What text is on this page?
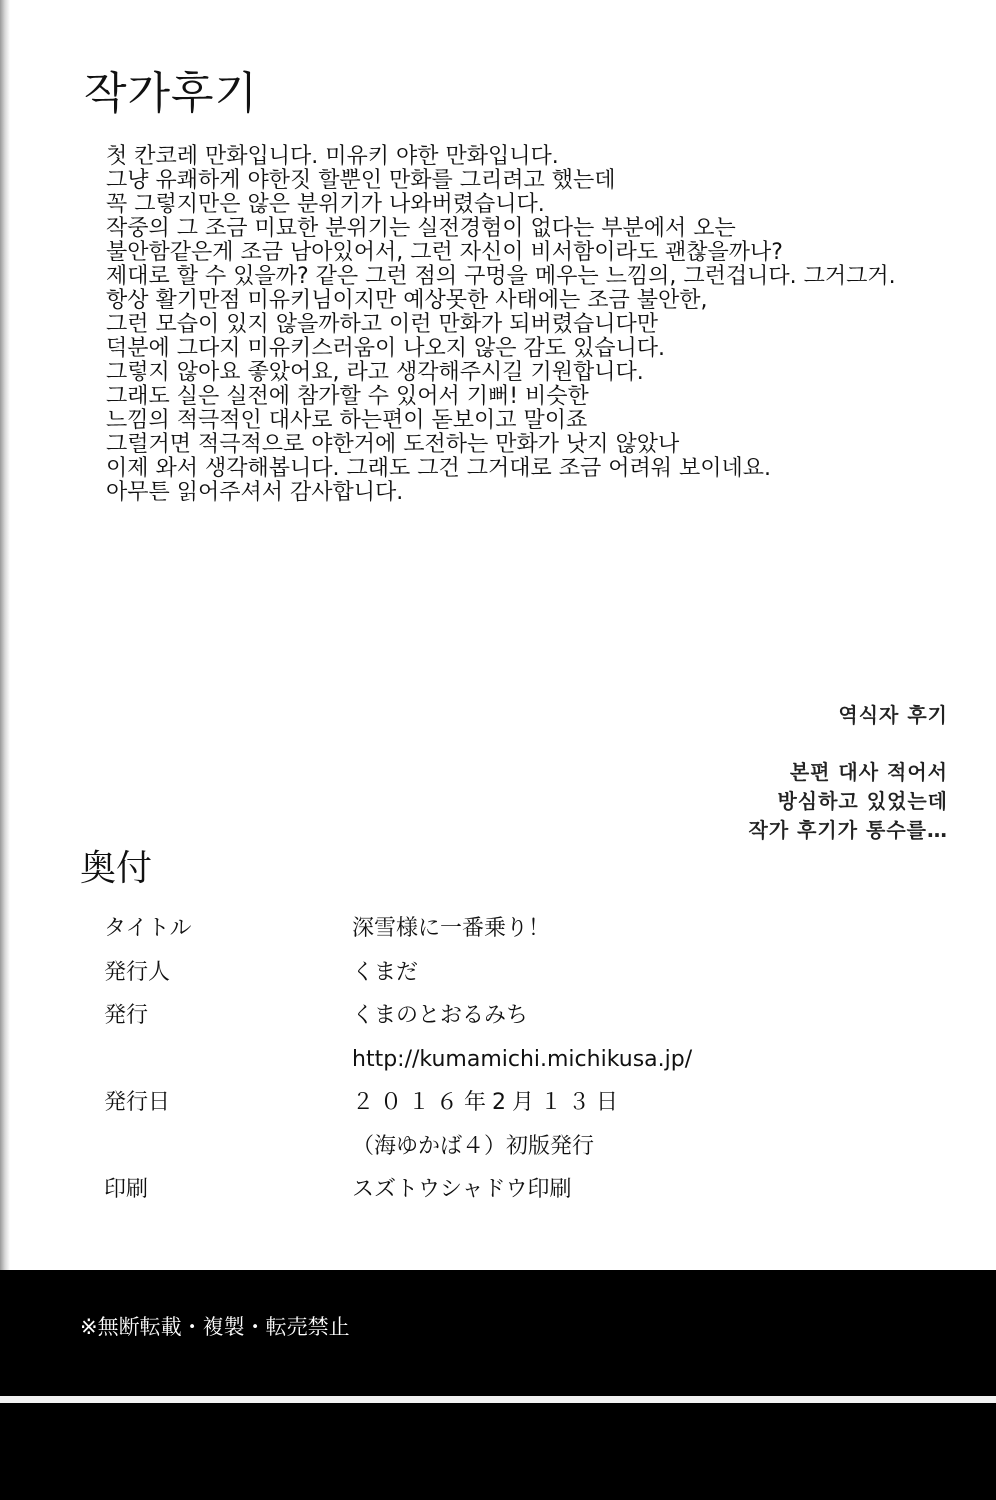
작가후기
첫 칸코레 만화입니다. 미유키 야한 만화입니다.
그냥 유쾌하게 야한짓 할뿐인 만화를 그리려고 했는데
꼭 그렇지만은 않은 분위기가 나와버렸습니다.
작중의 그 조금 미묘한 분위기는 실전경험이 없다는 부분에서 오는
불안함같은게 조금 남아있어서, 그런 자신이 비서함이라도 괜찮을까나?
제대로 할 수 있을까? 같은 그런 점의 구멍을 메우는 느낌의, 그런겁니다. 그거그거.
항상 활기만점 미유키님이지만 예상못한 사태에는 조금 불안한,
그런 모습이 있지 않을까하고 이런 만화가 되버렸습니다만
덕분에 그다지 미유키스러움이 나오지 않은 감도 있습니다.
그렇지 않아요 좋았어요, 라고 생각해주시길 기원합니다.
그래도 실은 실전에 참가할 수 있어서 기뻐! 비슷한
느낌의 적극적인 대사로 하는편이 돋보이고 말이죠
그럴거면 적극적으로 야한거에 도전하는 만화가 낫지 않았나
이제 와서 생각해봅니다. 그래도 그건 그거대로 조금 어려워 보이네요.
아무튼 읽어주셔서 감사합니다.
역식자 후기
본편 대사 적어서
방심하고 있었는데
작가 후기가 통수를…
奥付
タイトル	深雪様に一番乗り！
発行人	くまだ
発行	くまのとおるみち
http://kumamichi.michikusa.jp/
発行日	２０１６年2月１３日
（海ゆかば４）初版発行
印刷	スズトウシャドウ印刷
※無断転載・複製・転売禁止
